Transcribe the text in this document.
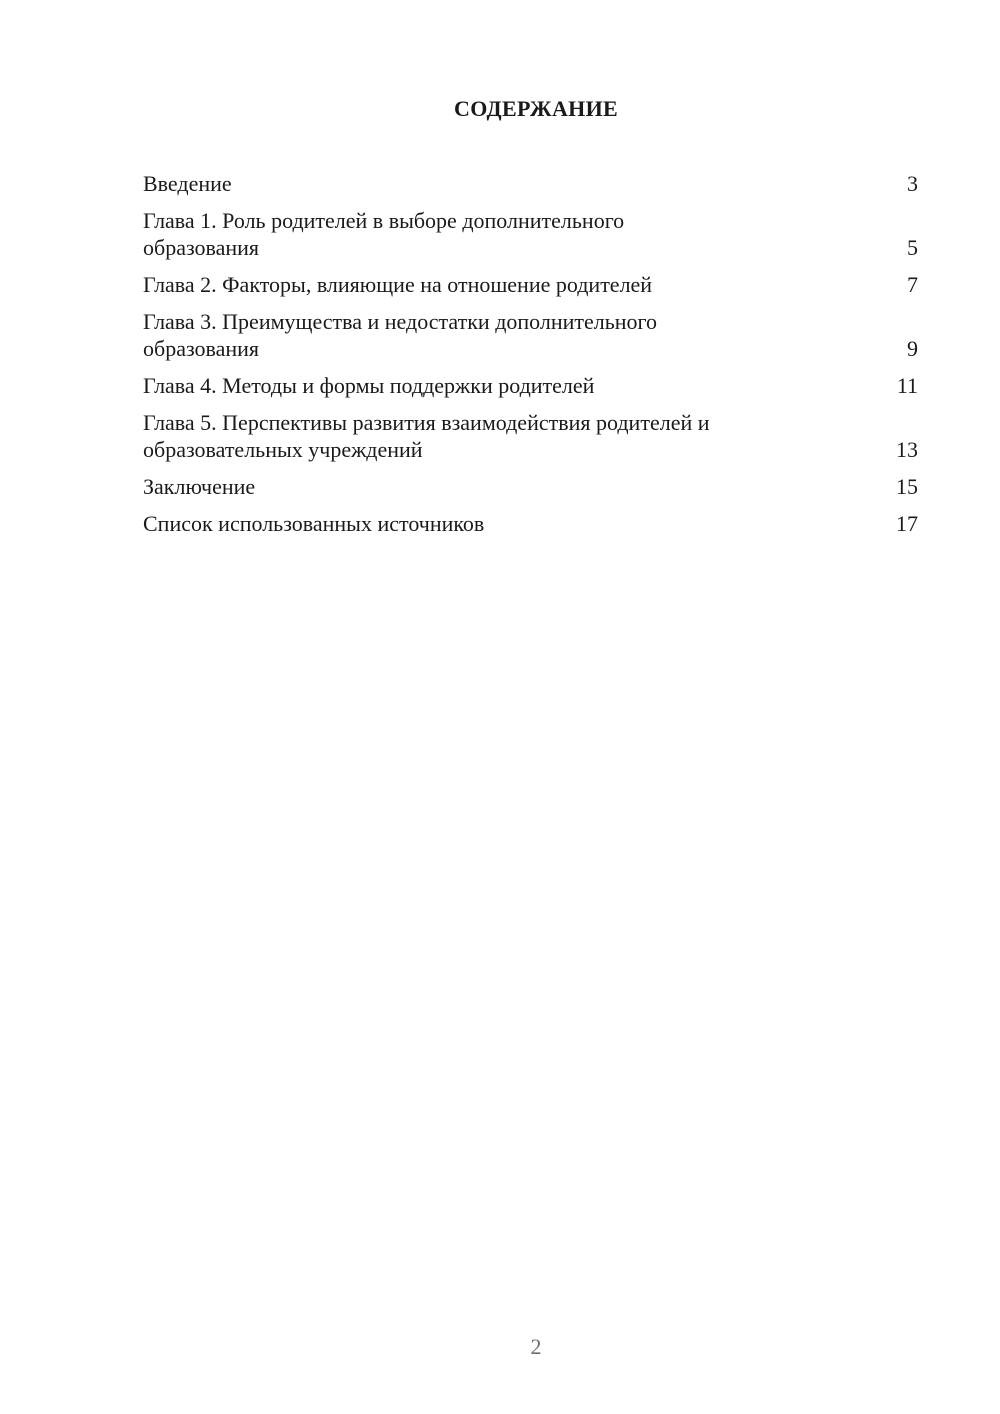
СОДЕРЖАНИЕ
Введение	3
Глава 1. Роль родителей в выборе дополнительного
образования	5
Глава 2. Факторы, влияющие на отношение родителей	7
Глава 3. Преимущества и недостатки дополнительного
образования	9
Глава 4. Методы и формы поддержки родителей	11
Глава 5. Перспективы развития взаимодействия родителей и
образовательных учреждений	13
Заключение	15
Список использованных источников	17
2
